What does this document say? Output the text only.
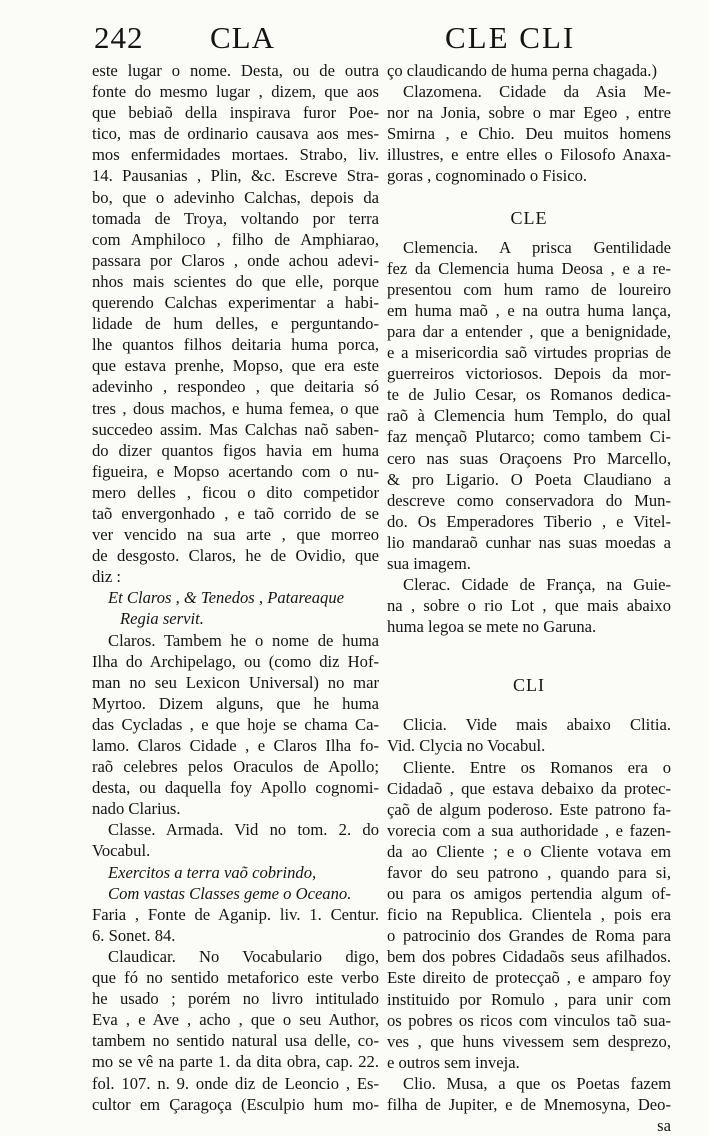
242 CLA	CLE CLI
este lugar o nome. Desta, ou de outra
fonte do mesmo lugar , dizem, que aos
que bebiaõ della inspirava furor Poe-
tico, mas de ordinario causava aos mes-
mos enfermidades mortaes. Strabo, liv.
14. Pausanias , Plin, &c. Escreve Stra-
bo, que o adevinho Calchas, depois da
tomada de Troya, voltando por terra
com Amphiloco , filho de Amphiarao,
passara por Claros , onde achou adevi-
nhos mais scientes do que elle, porque
querendo Calchas experimentar a habi-
lidade de hum delles, e perguntando-
lhe quantos filhos deitaria huma porca,
que estava prenhe, Mopso, que era este
adevinho , respondeo , que deitaria só
tres , dous machos, e huma femea, o que
succedeo assim. Mas Calchas naõ saben-
do dizer quantos figos havia em huma
figueira, e Mopso acertando com o nu-
mero delles , ficou o dito competidor
taõ envergonhado , e taõ corrido de se
ver vencido na sua arte , que morreo
de desgosto. Claros, he de Ovidio, que
diz :
Et Claros , & Tenedos , Patareaque
Regia servit.
Claros. Tambem he o nome de huma
Ilha do Archipelago, ou (como diz Hof-
man no seu Lexicon Universal) no mar
Myrtoo. Dizem alguns, que he huma
das Cycladas , e que hoje se chama Ca-
lamo. Claros Cidade , e Claros Ilha fo-
raõ celebres pelos Oraculos de Apollo;
desta, ou daquella foy Apollo cognomi-
nado Clarius.
Classe. Armada. Vid no tom. 2. do
Vocabul.
Exercitos a terra vaõ cobrindo,
Com vastas Classes geme o Oceano.
Faria , Fonte de Aganip. liv. 1. Centur.
6. Sonet. 84.
Claudicar. No Vocabulario digo,
que fó no sentido metaforico este verbo
he usado ; porém no livro intitulado
Eva , e Ave , acho , que o seu Author,
tambem no sentido natural usa delle, co-
mo se vê na parte 1. da dita obra, cap. 22.
fol. 107. n. 9. onde diz de Leoncio , Es-
cultor em Çaragoça (Esculpio hum mo-
ço claudicando de huma perna chagada.)
Clazomena. Cidade da Asia Me-
nor na Jonia, sobre o mar Egeo , entre
Smirna , e Chio. Deu muitos homens
illustres, e entre elles o Filosofo Anaxa-
goras , cognominado o Fisico.
CLE
Clemencia. A prisca Gentilidade
fez da Clemencia huma Deosa , e a re-
presentou com hum ramo de loureiro
em huma maõ , e na outra huma lança,
para dar a entender , que a benignidade,
e a misericordia saõ virtudes proprias de
guerreiros victoriosos. Depois da mor-
te de Julio Cesar, os Romanos dedica-
raõ à Clemencia hum Templo, do qual
faz mençaõ Plutarco; como tambem Ci-
cero nas suas Oraçoens Pro Marcello,
& pro Ligario. O Poeta Claudiano a
descreve como conservadora do Mun-
do. Os Emperadores Tiberio , e Vitel-
lio mandaraõ cunhar nas suas moedas a
sua imagem.
Clerac. Cidade de França, na Guie-
na , sobre o rio Lot , que mais abaixo
huma legoa se mete no Garuna.
CLI
Clicia. Vide mais abaixo Clitia.
Vid. Clycia no Vocabul.
Cliente. Entre os Romanos era o
Cidadaõ , que estava debaixo da protec-
çaõ de algum poderoso. Este patrono fa-
vorecia com a sua authoridade , e fazen-
da ao Cliente ; e o Cliente votava em
favor do seu patrono , quando para si,
ou para os amigos pertendia algum of-
ficio na Republica. Clientela , pois era
o patrocinio dos Grandes de Roma para
bem dos pobres Cidadaõs seus afilhados.
Este direito de protecçaõ , e amparo foy
instituido por Romulo , para unir com
os pobres os ricos com vinculos taõ sua-
ves , que huns vivessem sem desprezo,
e outros sem inveja.
Clio. Musa, a que os Poetas fazem
filha de Jupiter, e de Mnemosyna, Deo-
sa
